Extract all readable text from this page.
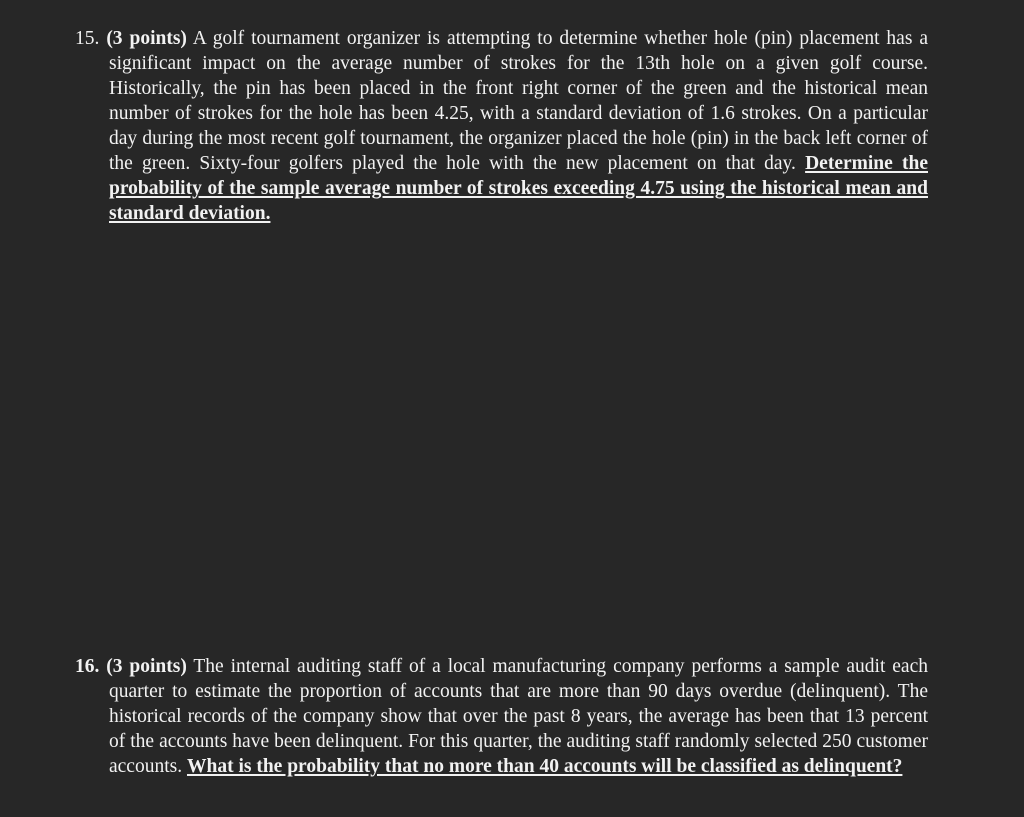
15. (3 points) A golf tournament organizer is attempting to determine whether hole (pin) placement has a significant impact on the average number of strokes for the 13th hole on a given golf course. Historically, the pin has been placed in the front right corner of the green and the historical mean number of strokes for the hole has been 4.25, with a standard deviation of 1.6 strokes. On a particular day during the most recent golf tournament, the organizer placed the hole (pin) in the back left corner of the green. Sixty-four golfers played the hole with the new placement on that day. Determine the probability of the sample average number of strokes exceeding 4.75 using the historical mean and standard deviation.
16. (3 points) The internal auditing staff of a local manufacturing company performs a sample audit each quarter to estimate the proportion of accounts that are more than 90 days overdue (delinquent). The historical records of the company show that over the past 8 years, the average has been that 13 percent of the accounts have been delinquent. For this quarter, the auditing staff randomly selected 250 customer accounts. What is the probability that no more than 40 accounts will be classified as delinquent?
